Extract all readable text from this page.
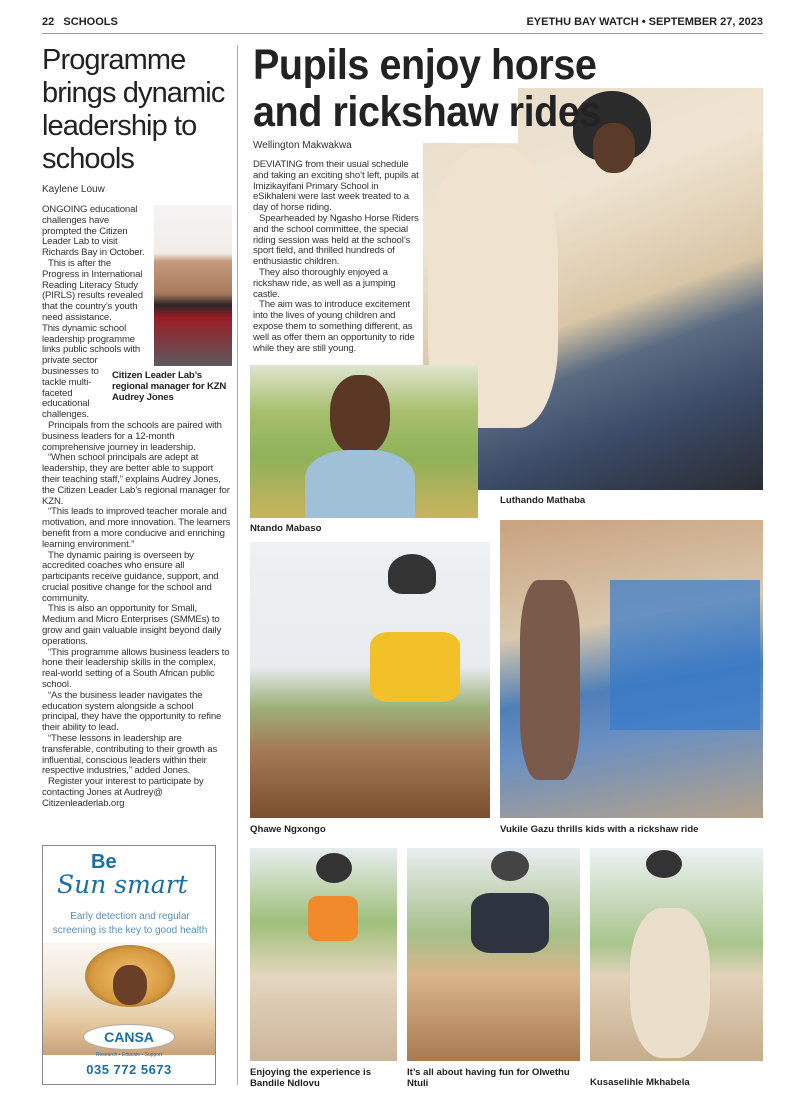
22 SCHOOLS	EYETHU BAY WATCH • SEPTEMBER 27, 2023
Programme brings dynamic leadership to schools
Kaylene Louw
Citizen Leader Lab’s regional manager for KZN Audrey Jones

ONGOING educational challenges have prompted the Citizen Leader Lab to visit Richards Bay in October.

This is after the Progress in International Reading Literacy Study (PIRLS) results revealed that the country’s youth need assistance.

This dynamic school leadership programme

links public schools with private sector businesses to tackle multi-faceted educational challenges.

Principals from the schools are paired with business leaders for a 12-month comprehensive journey in leadership.

“When school principals are adept at leadership, they are better able to support their teaching staff,” explains Audrey Jones, the Citizen Leader Lab’s regional manager for KZN.

“This leads to improved teacher morale and motivation, and more innovation. The learners benefit from a more conducive and enriching learning environment.”

The dynamic pairing is overseen by accredited coaches who ensure all participants receive guidance, support, and crucial positive change for the school and community.

This is also an opportunity for Small, Medium and Micro Enterprises (SMMEs) to grow and gain valuable insight beyond daily operations.

“This programme allows business leaders to hone their leadership skills in the complex, real-world setting of a South African public school.

“As the business leader navigates the education system alongside a school principal, they have the opportunity to refine their ability to lead.

“These lessons in leadership are transferable, contributing to their growth as influential, conscious leaders within their respective industries,” added Jones.

Register your interest to participate by contacting Jones at Audrey@ Citizenleaderlab.org

Be
Sun smart
Early detection and regular screening is the key to good health
CANSA
Research • Educate • Support
035 772 5673
Pupils enjoy horse and rickshaw rides
Wellington Makwakwa

DEVIATING from their usual schedule and taking an exciting sho’t left, pupils at Imizikayifani Primary School in eSikhaleni were last week treated to a day of horse riding.

Spearheaded by Ngasho Horse Riders and the school committee, the special riding session was held at the school’s sport field, and thrilled hundreds of enthusiastic children.

They also thoroughly enjoyed a rickshaw ride, as well as a jumping castle.

The aim was to introduce excitement into the lives of young children and expose them to something different, as well as offer them an opportunity to ride while they are still young.

Luthando Mathaba
Ntando Mabaso
Qhawe Ngxongo	Vukile Gazu thrills kids with a rickshaw ride
Enjoying the experience is Bandile Ndlovu
It’s all about having fun for Olwethu Ntuli	Kusaselihle Mkhabela
